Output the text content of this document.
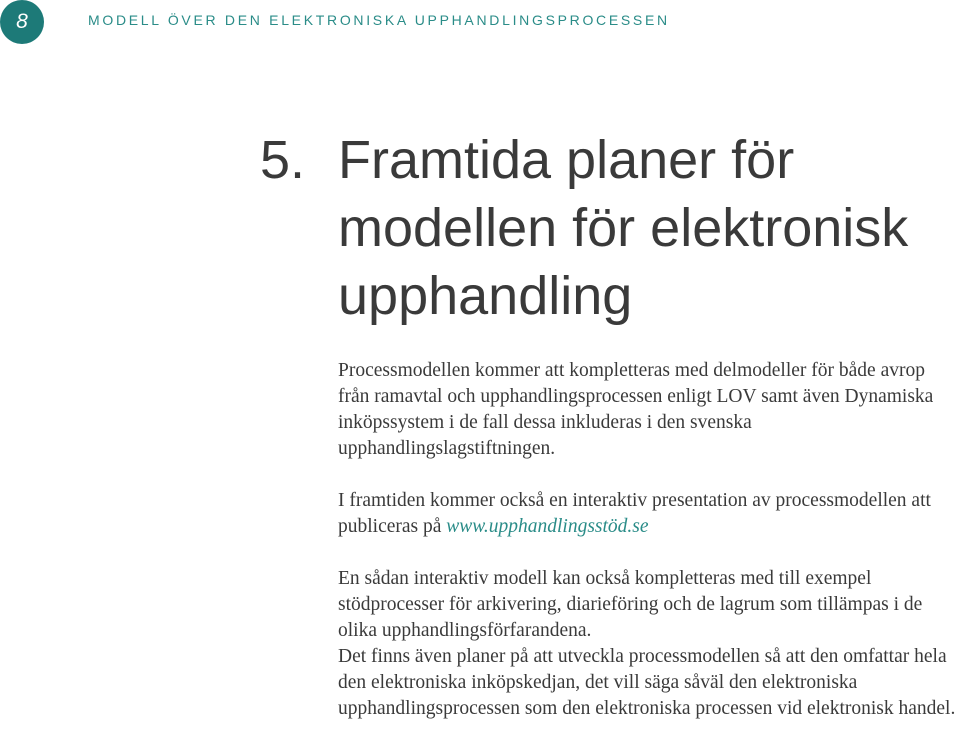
8	MODELL ÖVER DEN ELEKTRONISKA UPPHANDLINGSPROCESSEN
5. Framtida planer för
modellen för elektronisk
upphandling

Processmodellen kommer att kompletteras med delmodeller för både avrop från ramavtal och upphandlingsprocessen enligt LOV samt även Dynamiska inköpssystem i de fall dessa inkluderas i den svenska upphandlingslagstiftningen.

I framtiden kommer också en interaktiv presentation av processmodellen att publiceras på www.upphandlingsstöd.se

En sådan interaktiv modell kan också kompletteras med till exempel stödprocesser för arkivering, diarieföring och de lagrum som tillämpas i de olika upphandlingsförfarandena.

Det finns även planer på att utveckla processmodellen så att den omfattar hela den elektroniska inköpskedjan, det vill säga såväl den elektroniska upphandlingsprocessen som den elektroniska processen vid elektronisk handel.
